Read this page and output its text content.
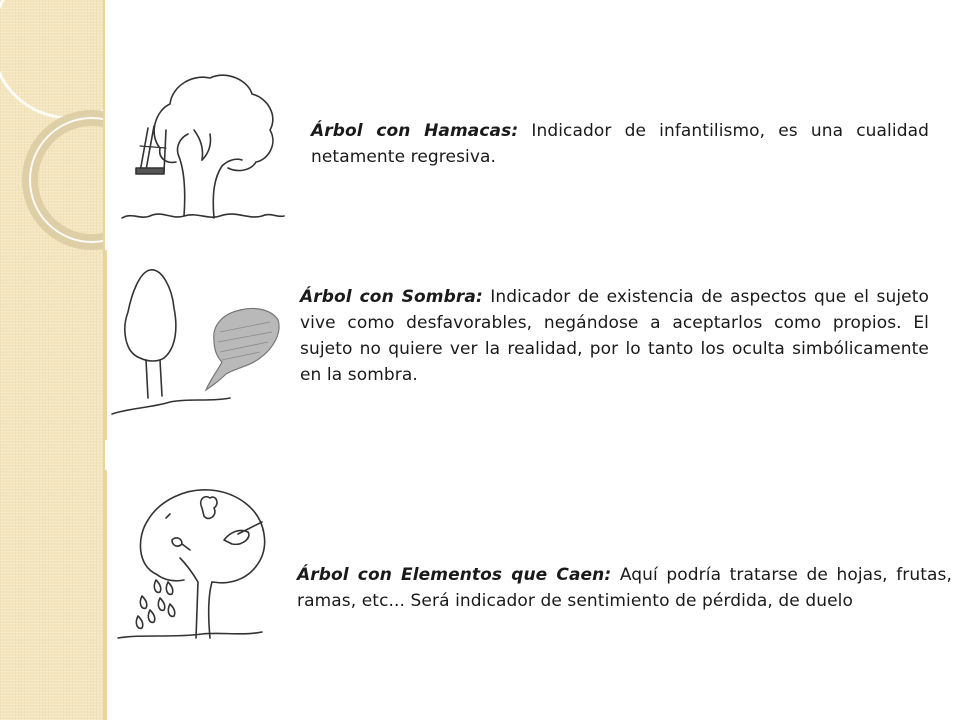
Árbol con Hamacas: Indicador de infantilismo, es una cualidad netamente regresiva.
Árbol con Sombra: Indicador de existencia de aspectos que el sujeto vive como desfavorables, negándose a aceptarlos como propios. El sujeto no quiere ver la realidad, por lo tanto los oculta simbólicamente en la sombra.
Árbol con Elementos que Caen: Aquí podría tratarse de hojas, frutas, ramas, etc... Será indicador de sentimiento de pérdida, de duelo
